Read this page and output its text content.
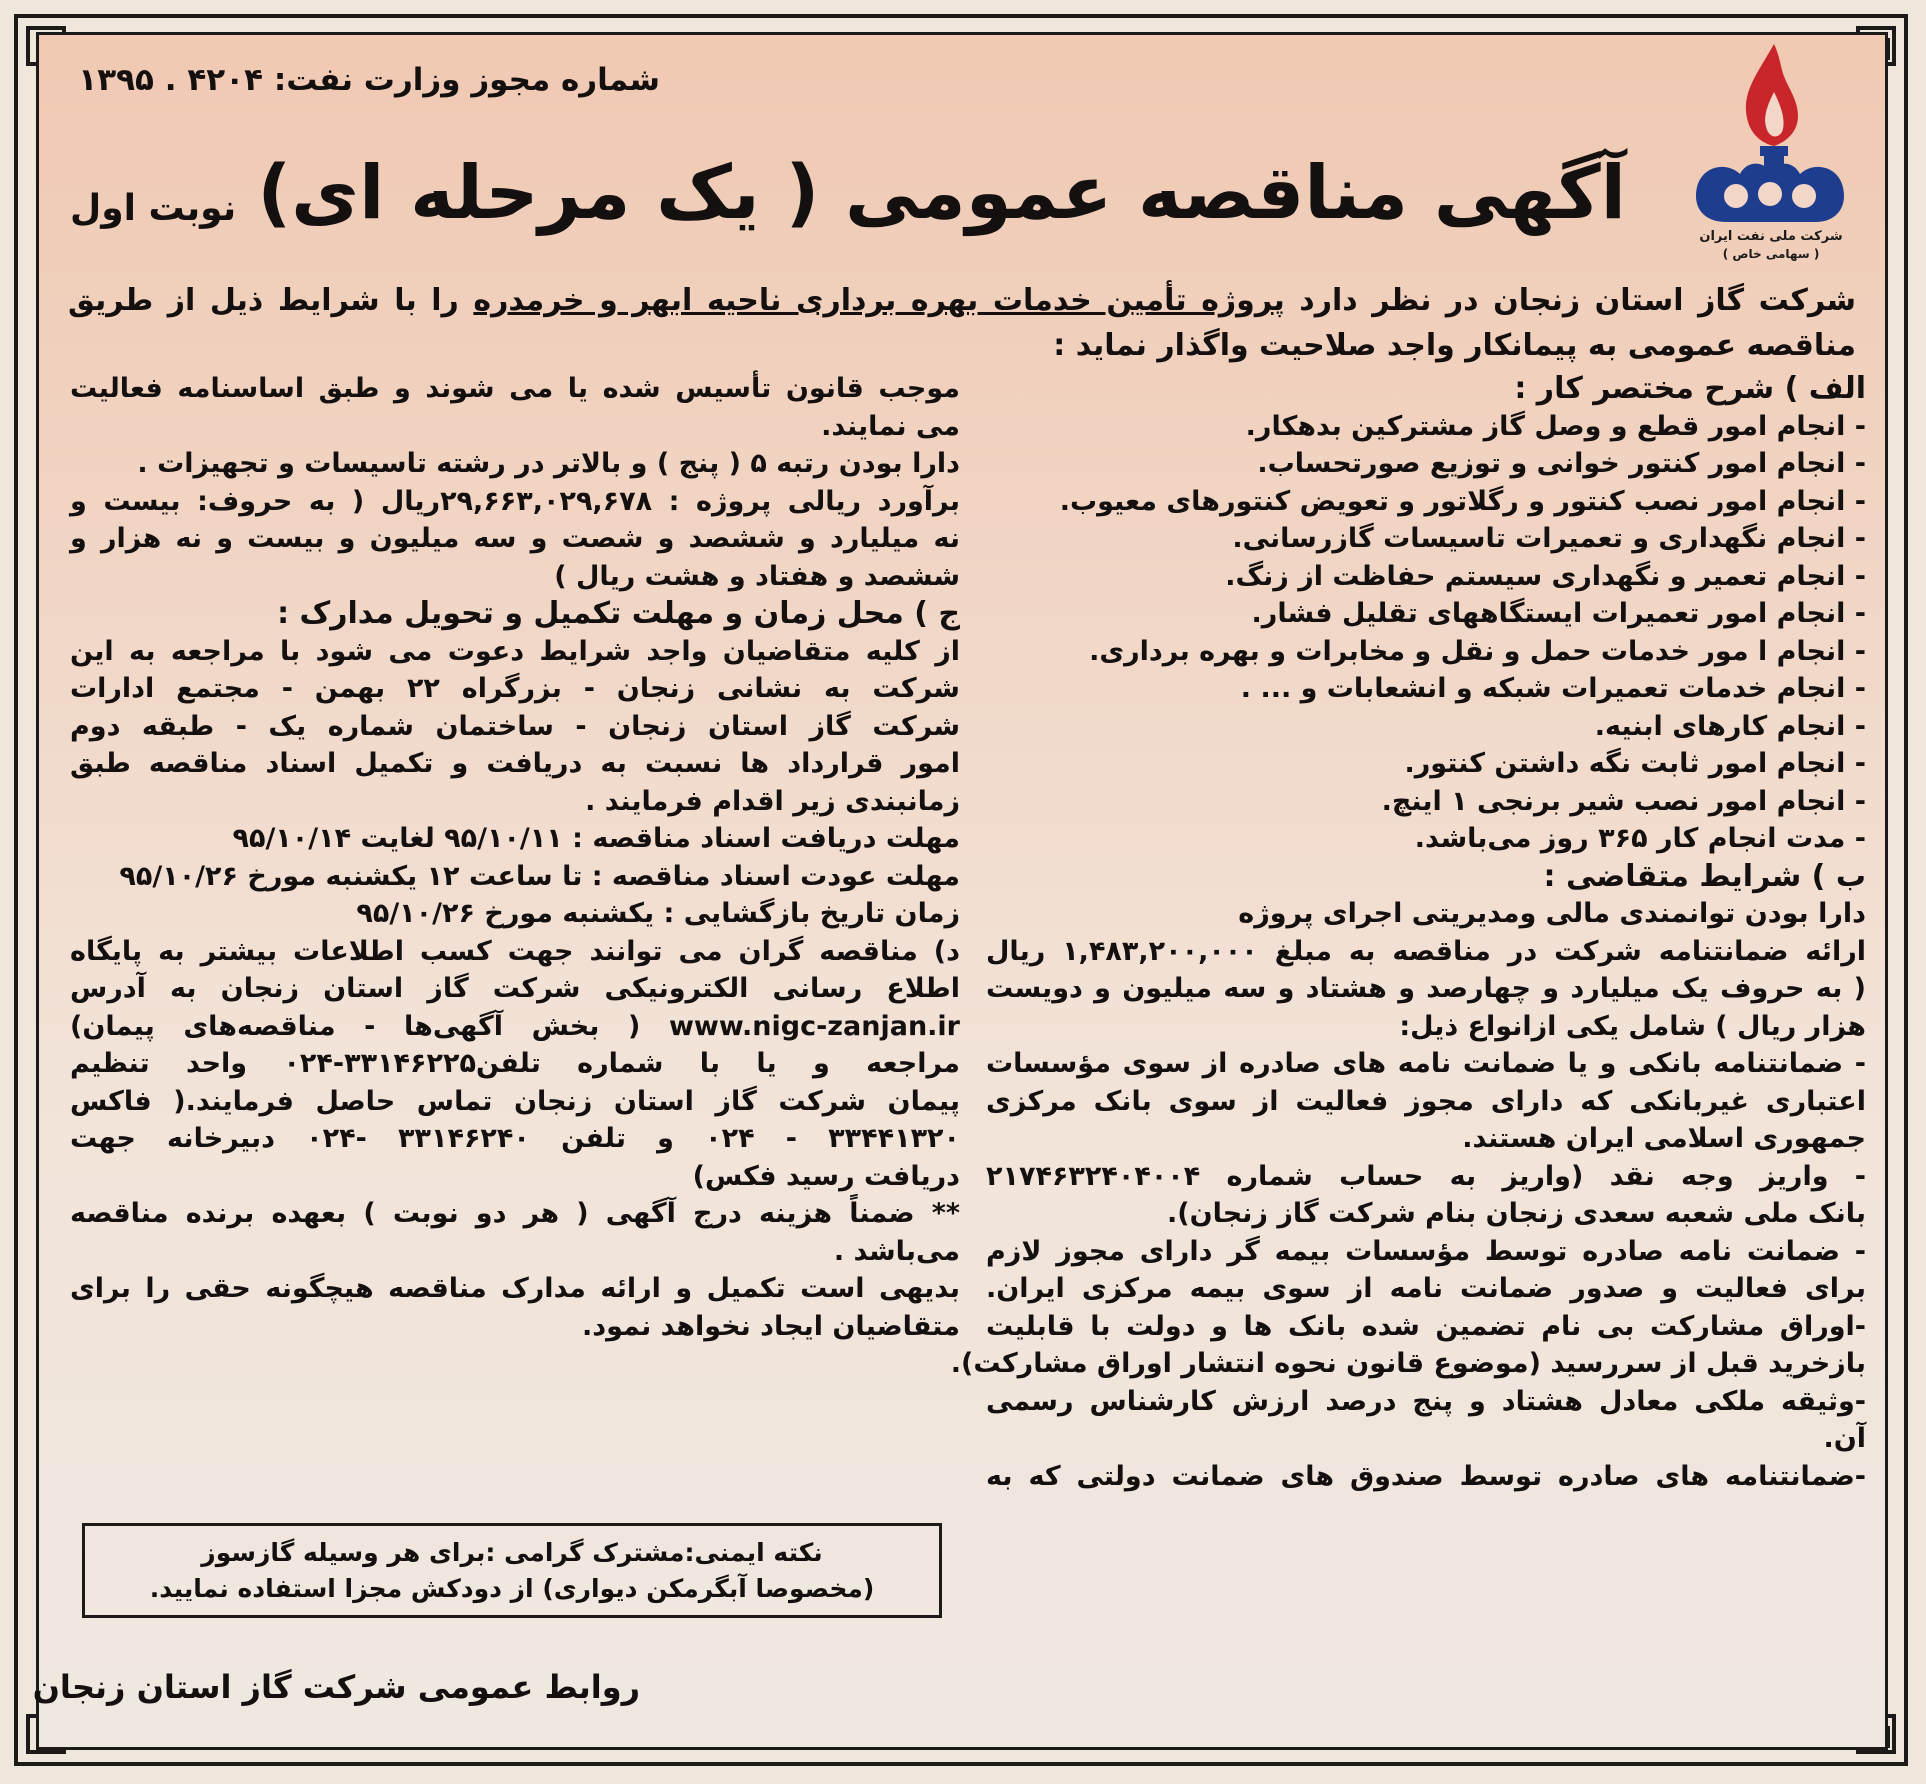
شماره مجوز وزارت نفت: ۴۲۰۴ . ۱۳۹۵
شرکت ملی نفت ایران
( سهامی خاص )
آگهی مناقصه عمومی ( یک مرحله ای)
نوبت اول
شرکت گاز استان زنجان در نظر دارد پروژه تأمین خدمات بهره برداری ناحیه ابهر و خرمدره را با شرایط ذیل از طریق مناقصه عمومی به پیمانکار واجد صلاحیت واگذار نماید :
الف ) شرح مختصر کار :
- انجام امور قطع و وصل گاز مشترکین بدهکار.
- انجام امور کنتور خوانی و توزیع صورتحساب.
- انجام امور نصب کنتور و رگلاتور و تعویض کنتورهای معیوب.
- انجام نگهداری و تعمیرات تاسیسات گازرسانی.
- انجام تعمیر و نگهداری سیستم حفاظت از زنگ.
- انجام امور تعمیرات ایستگاههای تقلیل فشار.
- انجام ا مور خدمات حمل و نقل و مخابرات و بهره برداری.
- انجام خدمات تعمیرات شبکه و انشعابات و ... .
- انجام کارهای ابنیه.
- انجام امور ثابت نگه داشتن کنتور.
- انجام امور نصب شیر برنجی ۱ اینچ.
- مدت انجام کار ۳۶۵ روز می‌باشد.
ب ) شرایط متقاضی :
دارا بودن توانمندی مالی ومدیریتی اجرای پروژه
ارائه ضمانتنامه شرکت در مناقصه به مبلغ ۱,۴۸۳,۲۰۰,۰۰۰ ریال
( به حروف یک میلیارد و چهارصد و هشتاد و سه میلیون و دویست
هزار ریال ) شامل یکی ازانواع ذیل:
- ضمانتنامه بانکی و یا ضمانت نامه های صادره از سوی مؤسسات
اعتباری غیربانکی که دارای مجوز فعالیت از سوی بانک مرکزی
جمهوری اسلامی ایران هستند.
- واریز وجه نقد (واریز به حساب شماره ۲۱۷۴۶۳۲۴۰۴۰۰۴
بانک ملی شعبه سعدی زنجان بنام شرکت گاز زنجان).
- ضمانت نامه صادره توسط مؤسسات بیمه گر دارای مجوز لازم
برای فعالیت و صدور ضمانت نامه از سوی بیمه مرکزی ایران.
-اوراق مشارکت بی نام تضمین شده بانک ها و دولت با قابلیت
بازخرید قبل از سررسید (موضوع قانون نحوه انتشار اوراق مشارکت).
-وثیقه ملکی معادل هشتاد و پنج درصد ارزش کارشناس رسمی
آن.
-ضمانتنامه های صادره توسط صندوق های ضمانت دولتی که به
موجب قانون تأسیس شده یا می شوند و طبق اساسنامه فعالیت
می نمایند.
دارا بودن رتبه ۵ ( پنج ) و بالاتر در رشته تاسیسات و تجهیزات .
برآورد ریالی پروژه : ۲۹,۶۶۳,۰۲۹,۶۷۸ریال ( به حروف: بیست و
نه میلیارد و ششصد و شصت و سه میلیون و بیست و نه هزار و
ششصد و هفتاد و هشت ریال )
ج ) محل زمان و مهلت تکمیل و تحویل مدارک :
از کلیه متقاضیان واجد شرایط دعوت می شود با مراجعه به این
شرکت به نشانی زنجان - بزرگراه ۲۲ بهمن - مجتمع ادارات
شرکت گاز استان زنجان - ساختمان شماره یک - طبقه دوم
امور قرارداد ها نسبت به دریافت و تکمیل اسناد مناقصه طبق
زمانبندی زیر اقدام فرمایند .
مهلت دریافت اسناد مناقصه : ۹۵/۱۰/۱۱ لغایت ۹۵/۱۰/۱۴
مهلت عودت اسناد مناقصه : تا ساعت ۱۲ یکشنبه مورخ ۹۵/۱۰/۲۶
زمان تاریخ بازگشایی : یکشنبه مورخ ۹۵/۱۰/۲۶
د) مناقصه گران می توانند جهت کسب اطلاعات بیشتر به پایگاه
اطلاع رسانی الکترونیکی شرکت گاز استان زنجان به آدرس
www.nigc-zanjan.ir ( بخش آگهی‌ها - مناقصه‌های پیمان)
مراجعه و یا با شماره تلفن۳۳۱۴۶۲۲۵-۰۲۴ واحد تنظیم
پیمان شرکت گاز استان زنجان تماس حاصل فرمایند.( فاکس
۳۳۴۴۱۳۲۰ - ۰۲۴ و تلفن ۳۳۱۴۶۲۴۰ -۰۲۴ دبیرخانه جهت
دریافت رسید فکس)
** ضمناً هزینه درج آگهی ( هر دو نوبت ) بعهده برنده مناقصه
می‌باشد .
بدیهی است تکمیل و ارائه مدارک مناقصه هیچگونه حقی را برای
متقاضیان ایجاد نخواهد نمود.
نکته ایمنی:مشترک گرامی :برای هر وسیله گازسوز
(مخصوصا آبگرمکن دیواری) از دودکش مجزا استفاده نمایید.
روابط عمومی شرکت گاز استان زنجان
